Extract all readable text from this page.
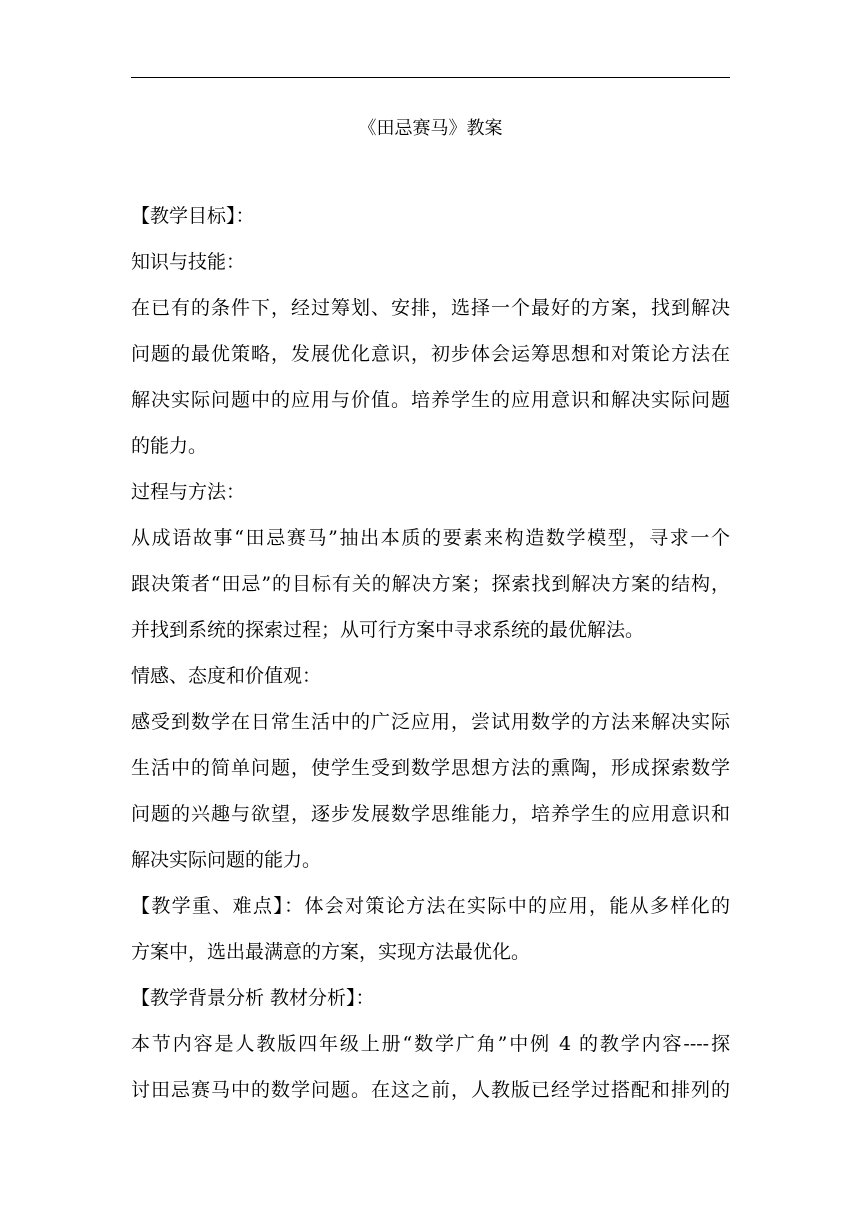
《田忌赛马》教案
【教学目标】：
知识与技能：
在已有的条件下，经过筹划、安排，选择一个最好的方案，找到解决
问题的最优策略，发展优化意识，初步体会运筹思想和对策论方法在
解决实际问题中的应用与价值。培养学生的应用意识和解决实际问题
的能力。
过程与方法：
从成语故事“田忌赛马”抽出本质的要素来构造数学模型，寻求一个
跟决策者“田忌”的目标有关的解决方案；探索找到解决方案的结构，
并找到系统的探索过程；从可行方案中寻求系统的最优解法。
情感、态度和价值观：
感受到数学在日常生活中的广泛应用，尝试用数学的方法来解决实际
生活中的简单问题，使学生受到数学思想方法的熏陶，形成探索数学
问题的兴趣与欲望，逐步发展数学思维能力，培养学生的应用意识和
解决实际问题的能力。
【教学重、难点】：体会对策论方法在实际中的应用，能从多样化的
方案中，选出最满意的方案，实现方法最优化。
【教学背景分析 教材分析】：
本节内容是人教版四年级上册“数学广角”中例 4 的教学内容----探
讨田忌赛马中的数学问题。在这之前，人教版已经学过搭配和排列的
